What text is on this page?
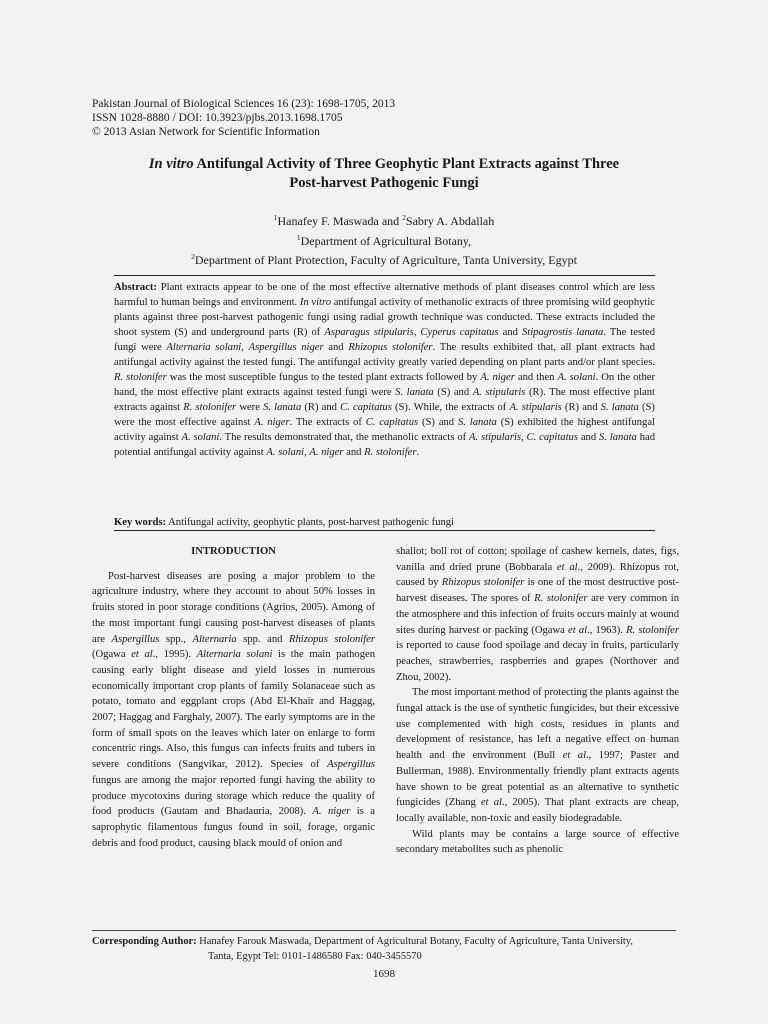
Pakistan Journal of Biological Sciences 16 (23): 1698-1705, 2013
ISSN 1028-8880 / DOI: 10.3923/pjbs.2013.1698.1705
© 2013 Asian Network for Scientific Information
In vitro Antifungal Activity of Three Geophytic Plant Extracts against Three
Post-harvest Pathogenic Fungi
$^1$Hanafey F. Maswada and $^2$Sabry A. Abdallah
$^1$Department of Agricultural Botany,
$^2$Department of Plant Protection, Faculty of Agriculture, Tanta University, Egypt
Abstract: Plant extracts appear to be one of the most effective alternative methods of plant diseases control which are less harmful to human beings and environment. In vitro antifungal activity of methanolic extracts of three promising wild geophytic plants against three post-harvest pathogenic fungi using radial growth technique was conducted. These extracts included the shoot system (S) and underground parts (R) of Asparagus stipularis, Cyperus capitatus and Stipagrostis lanata. The tested fungi were Alternaria solani, Aspergillus niger and Rhizopus stolonifer. The results exhibited that, all plant extracts had antifungal activity against the tested fungi. The antifungal activity greatly varied depending on plant parts and/or plant species. R. stolonifer was the most susceptible fungus to the tested plant extracts followed by A. niger and then A. solani. On the other hand, the most effective plant extracts against tested fungi were S. lanata (S) and A. stipularis (R). The most effective plant extracts against R. stolonifer were S. lanata (R) and C. capitatus (S). While, the extracts of A. stipularis (R) and S. lanata (S) were the most effective against A. niger. The extracts of C. capitatus (S) and S. lanata (S) exhibited the highest antifungal activity against A. solani. The results demonstrated that, the methanolic extracts of A. stipularis, C. capitatus and S. lanata had potential antifungal activity against A. solani, A. niger and R. stolonifer.
Key words: Antifungal activity, geophytic plants, post-harvest pathogenic fungi
INTRODUCTION

Post-harvest diseases are posing a major problem to the agriculture industry, where they account to about 50% losses in fruits stored in poor storage conditions (Agrios, 2005). Among of the most important fungi causing post-harvest diseases of plants are Aspergillus spp., Alternaria spp. and Rhizopus stolonifer (Ogawa et al., 1995). Alternaria solani is the main pathogen causing early blight disease and yield losses in numerous economically important crop plants of family Solanaceae such as potato, tomato and eggplant crops (Abd El-Khair and Haggag, 2007; Haggag and Farghaly, 2007). The early symptoms are in the form of small spots on the leaves which later on enlarge to form concentric rings. Also, this fungus can infects fruits and tubers in severe conditions (Sangvikar, 2012). Species of Aspergillus fungus are among the major reported fungi having the ability to produce mycotoxins during storage which reduce the quality of food products (Gautam and Bhadauria, 2008). A. niger is a saprophytic filamentous fungus found in soil, forage, organic debris and food product, causing black mould of onion and

shallot; boll rot of cotton; spoilage of cashew kernels, dates, figs, vanilla and dried prune (Bobbarala et al., 2009). Rhizopus rot, caused by Rhizopus stolonifer is one of the most destructive post-harvest diseases. The spores of R. stolonifer are very common in the atmosphere and this infection of fruits occurs mainly at wound sites during harvest or packing (Ogawa et al., 1963). R. stolonifer is reported to cause food spoilage and decay in fruits, particularly peaches, strawberries, raspberries and grapes (Northover and Zhou, 2002).

The most important method of protecting the plants against the fungal attack is the use of synthetic fungicides, but their excessive use complemented with high costs, residues in plants and development of resistance, has left a negative effect on human health and the environment (Bull et al., 1997; Paster and Bullerman, 1988). Environmentally friendly plant extracts agents have shown to be great potential as an alternative to synthetic fungicides (Zhang et al., 2005). That plant extracts are cheap, locally available, non-toxic and easily biodegradable.

Wild plants may be contains a large source of effective secondary metabolites such as phenolic

Corresponding Author: Hanafey Farouk Maswada, Department of Agricultural Botany, Faculty of Agriculture, Tanta University,
Tanta, Egypt Tel: 0101-1486580 Fax: 040-3455570
1698
